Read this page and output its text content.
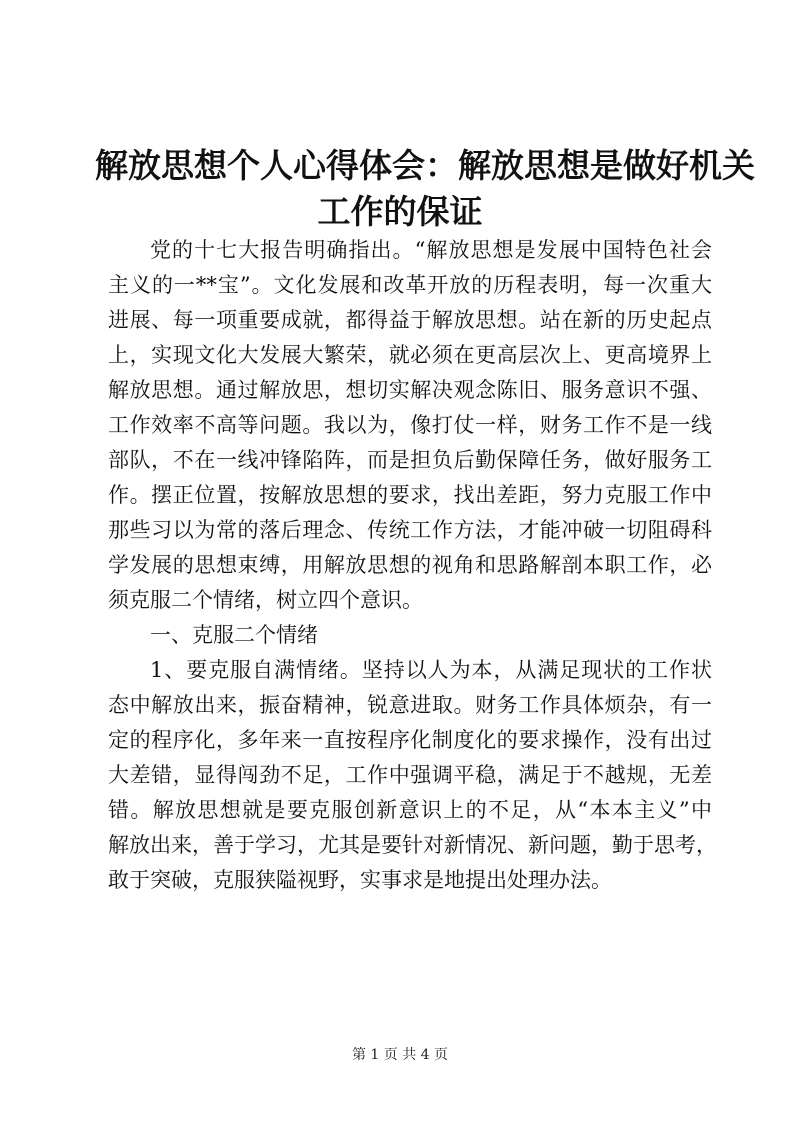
解放思想个人心得体会：解放思想是做好机关
工作的保证
党的十七大报告明确指出。“解放思想是发展中国特色社会
主义的一**宝”。文化发展和改革开放的历程表明，每一次重大
进展、每一项重要成就，都得益于解放思想。站在新的历史起点
上，实现文化大发展大繁荣，就必须在更高层次上、更高境界上
解放思想。通过解放思，想切实解决观念陈旧、服务意识不强、
工作效率不高等问题。我以为，像打仗一样，财务工作不是一线
部队，不在一线冲锋陷阵，而是担负后勤保障任务，做好服务工
作。摆正位置，按解放思想的要求，找出差距，努力克服工作中
那些习以为常的落后理念、传统工作方法，才能冲破一切阻碍科
学发展的思想束缚，用解放思想的视角和思路解剖本职工作，必
须克服二个情绪，树立四个意识。
一、克服二个情绪
1、要克服自满情绪。坚持以人为本，从满足现状的工作状
态中解放出来，振奋精神，锐意进取。财务工作具体烦杂，有一
定的程序化，多年来一直按程序化制度化的要求操作，没有出过
大差错，显得闯劲不足，工作中强调平稳，满足于不越规，无差
错。解放思想就是要克服创新意识上的不足，从“本本主义”中
解放出来，善于学习，尤其是要针对新情况、新问题，勤于思考，
敢于突破，克服狭隘视野，实事求是地提出处理办法。
第 1 页 共 4 页
